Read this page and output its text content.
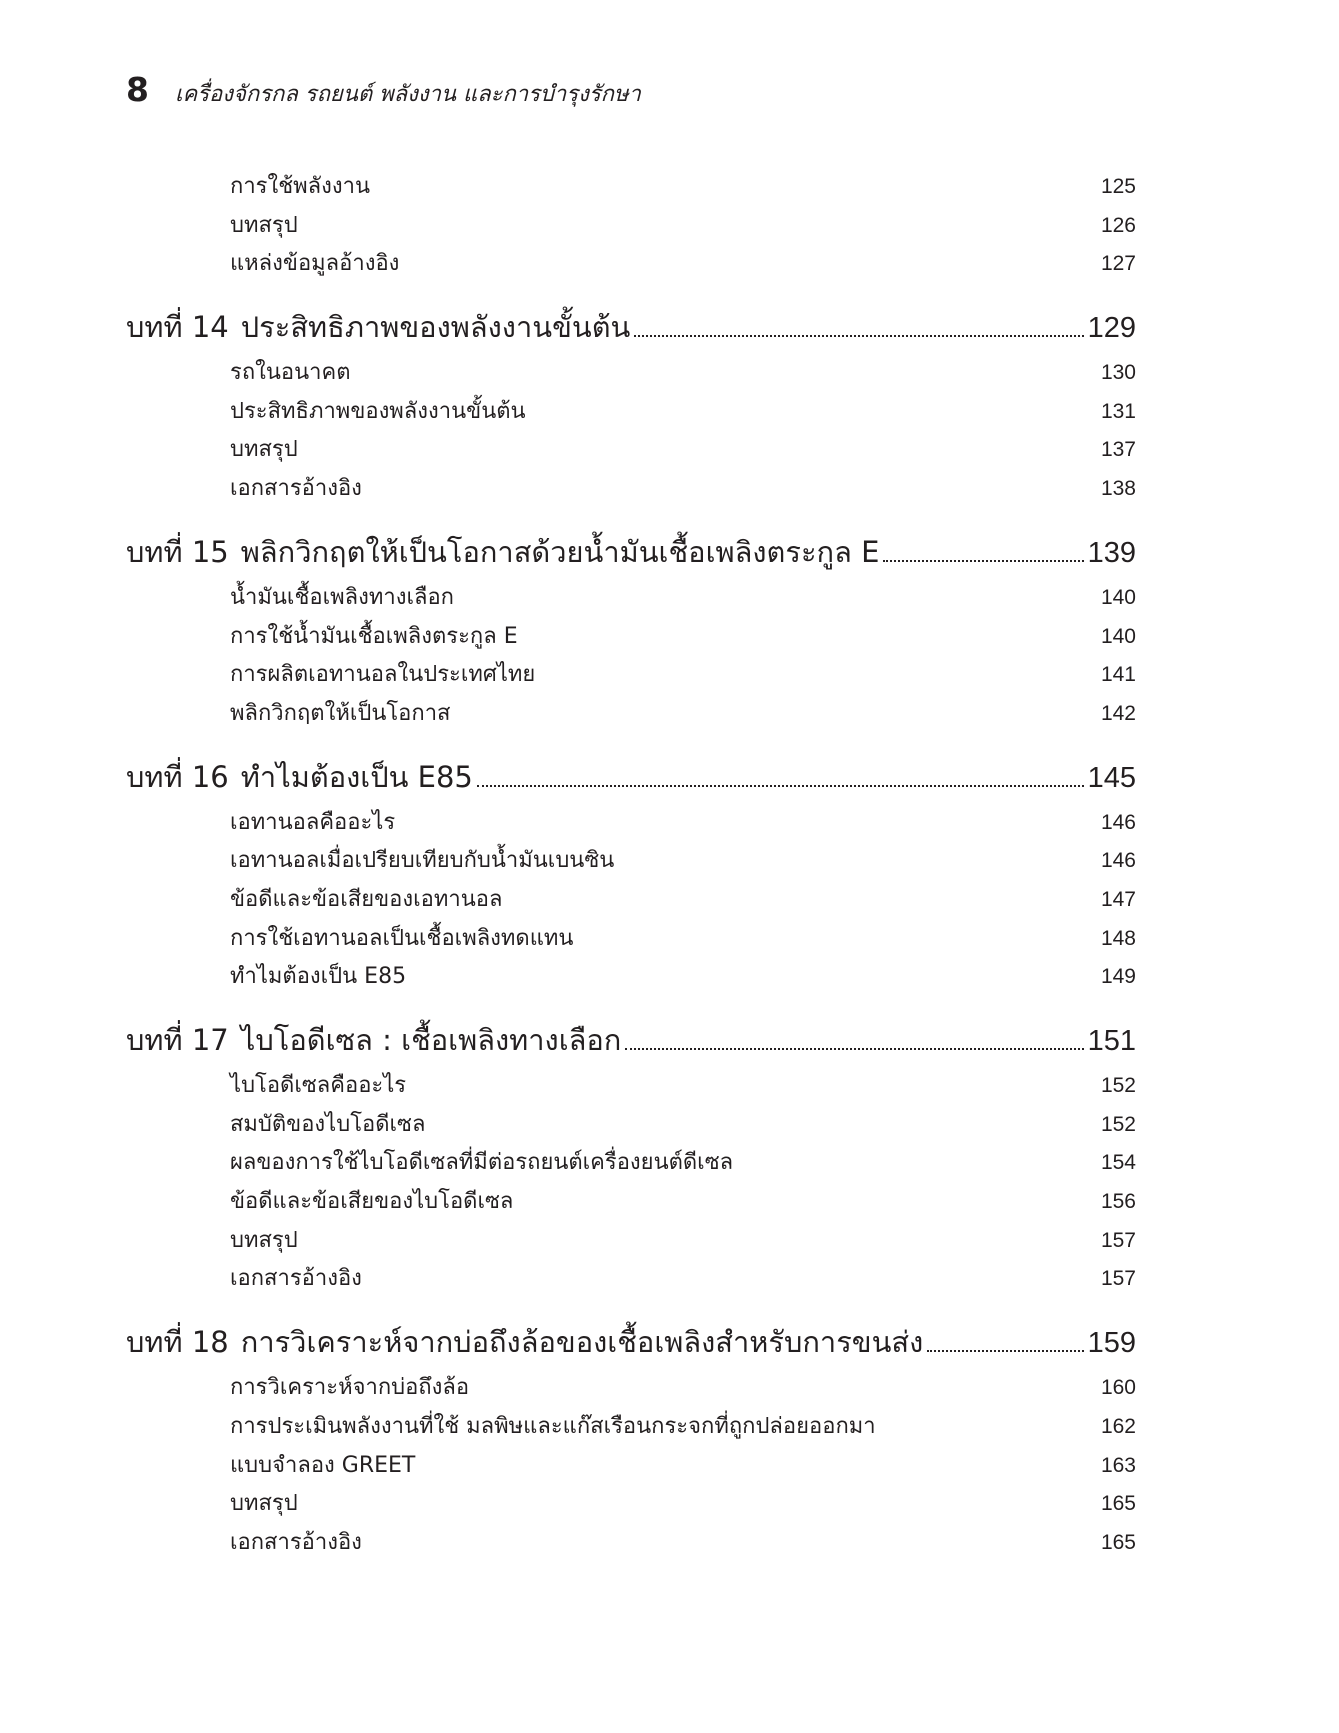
8 เครื่องจักรกล รถยนต์ พลังงาน และการบำรุงรักษา
การใช้พลังงาน	125
บทสรุป	126
แหล่งข้อมูลอ้างอิง	127
บทที่ 14 ประสิทธิภาพของพลังงานขั้นต้น	129
รถในอนาคต	130
ประสิทธิภาพของพลังงานขั้นต้น	131
บทสรุป	137
เอกสารอ้างอิง	138
บทที่ 15 พลิกวิกฤตให้เป็นโอกาสด้วยน้ำมันเชื้อเพลิงตระกูล E	139
น้ำมันเชื้อเพลิงทางเลือก	140
การใช้น้ำมันเชื้อเพลิงตระกูล E	140
การผลิตเอทานอลในประเทศไทย	141
พลิกวิกฤตให้เป็นโอกาส	142
บทที่ 16 ทำไมต้องเป็น E85	145
เอทานอลคืออะไร	146
เอทานอลเมื่อเปรียบเทียบกับน้ำมันเบนซิน	146
ข้อดีและข้อเสียของเอทานอล	147
การใช้เอทานอลเป็นเชื้อเพลิงทดแทน	148
ทำไมต้องเป็น E85	149
บทที่ 17 ไบโอดีเซล : เชื้อเพลิงทางเลือก	151
ไบโอดีเซลคืออะไร	152
สมบัติของไบโอดีเซล	152
ผลของการใช้ไบโอดีเซลที่มีต่อรถยนต์เครื่องยนต์ดีเซล	154
ข้อดีและข้อเสียของไบโอดีเซล	156
บทสรุป	157
เอกสารอ้างอิง	157
บทที่ 18 การวิเคราะห์จากบ่อถึงล้อของเชื้อเพลิงสำหรับการขนส่ง	159
การวิเคราะห์จากบ่อถึงล้อ	160
การประเมินพลังงานที่ใช้ มลพิษและแก๊สเรือนกระจกที่ถูกปล่อยออกมา	162
แบบจำลอง GREET	163
บทสรุป	165
เอกสารอ้างอิง	165
